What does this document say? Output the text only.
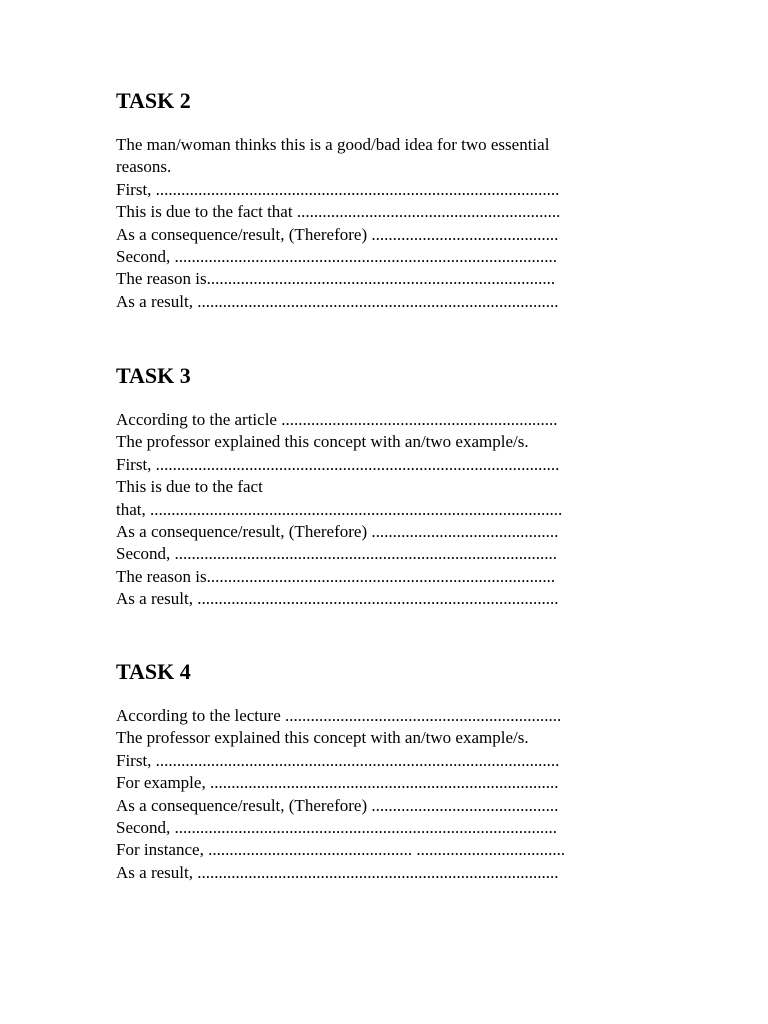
TASK 2
The man/woman thinks this is a good/bad idea for two essential
reasons.
First, ...............................................................................................
This is due to the fact that ..............................................................
As a consequence/result, (Therefore) ............................................
Second, ..........................................................................................
The reason is..................................................................................
As a result, .....................................................................................
TASK 3
According to the article .................................................................
The professor explained this concept with an/two example/s.
First, ...............................................................................................
This is due to the fact
that, .................................................................................................
As a consequence/result, (Therefore) ............................................
Second, ..........................................................................................
The reason is..................................................................................
As a result, .....................................................................................
TASK 4
According to the lecture .................................................................
The professor explained this concept with an/two example/s.
First, ...............................................................................................
For example, ..................................................................................
As a consequence/result, (Therefore) ............................................
Second, ..........................................................................................
For instance, ................................................ ...................................
As a result, .....................................................................................
